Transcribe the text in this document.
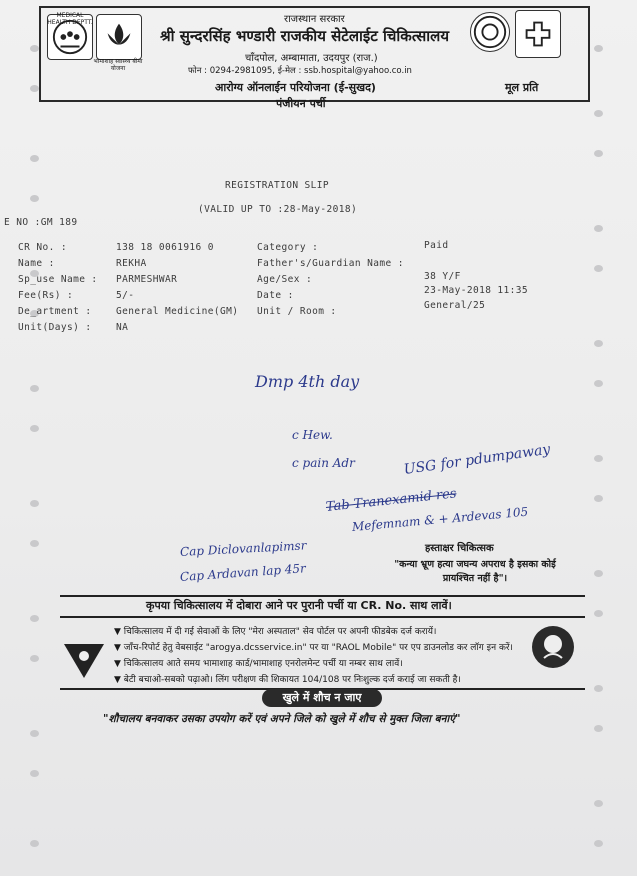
MEDICAL HEALTH DEPTT.
भामाशाह स्वास्थ्य बीमा योजना
राजस्थान सरकार
श्री सुन्दरसिंह भण्डारी राजकीय सेटेलाईट चिकित्सालय
चाँदपोल, अम्बामाता, उदयपुर (राज.)
फोन : 0294-2981095, ई-मेल : ssb.hospital@yahoo.co.in
आरोग्य ऑनलाईन परियोजना (ई-सुखद)
पंजीयन पर्ची
मूल प्रति
REGISTRATION SLIP
(VALID UP TO :28-May-2018)
E NO :GM 189
CR No. :
Name :
Sp_use Name :
Fee(Rs) :
De_artment :
Unit(Days) :
138 18 0061916 0
REKHA
PARMESHWAR
5/-
General Medicine(GM)
NA
Category :
Father's/Guardian Name :
Age/Sex :
Date :
Unit / Room :
Paid
38 Y/F
23-May-2018 11:35
General/25
Dmp 4th day
c Hew.
c pain Adr	USG for pdumpaway
Tab Tranexamid res
Mefemnam & + Ardevas 105
Cap Diclovanlapimsr
Cap Ardavan lap 45r
हस्ताक्षर चिकित्सक
"कन्या भ्रूण हत्या जघन्य अपराध है इसका कोई प्रायश्चित नहीं है"।
कृपया चिकित्सालय में दोबारा आने पर पुरानी पर्ची या CR. No. साथ लावें।
▼ चिकित्सालय में दी गई सेवाओं के लिए "मेरा अस्पताल" सेव पोर्टल पर अपनी फीडबेक दर्ज करायें।
▼ जाँच-रिपोर्ट हेतु वेबसाईट "arogya.dcsservice.in" पर या "RAOL Mobile" पर एप डाउनलोड कर लॉग इन करें।
▼ चिकित्सालय आते समय भामाशाह कार्ड/भामाशाह एनरोलमेन्ट पर्ची या नम्बर साथ लावें।
▼ बेटी बचाओ-सबको पढ़ाओ। लिंग परीक्षण की शिकायत 104/108 पर निःशुल्क दर्ज कराई जा सकती है।
खुले में शौच न जाए
"शौचालय बनवाकर उसका उपयोग करें एवं अपने जिले को खुले में शौच से मुक्त जिला बनाएं"
